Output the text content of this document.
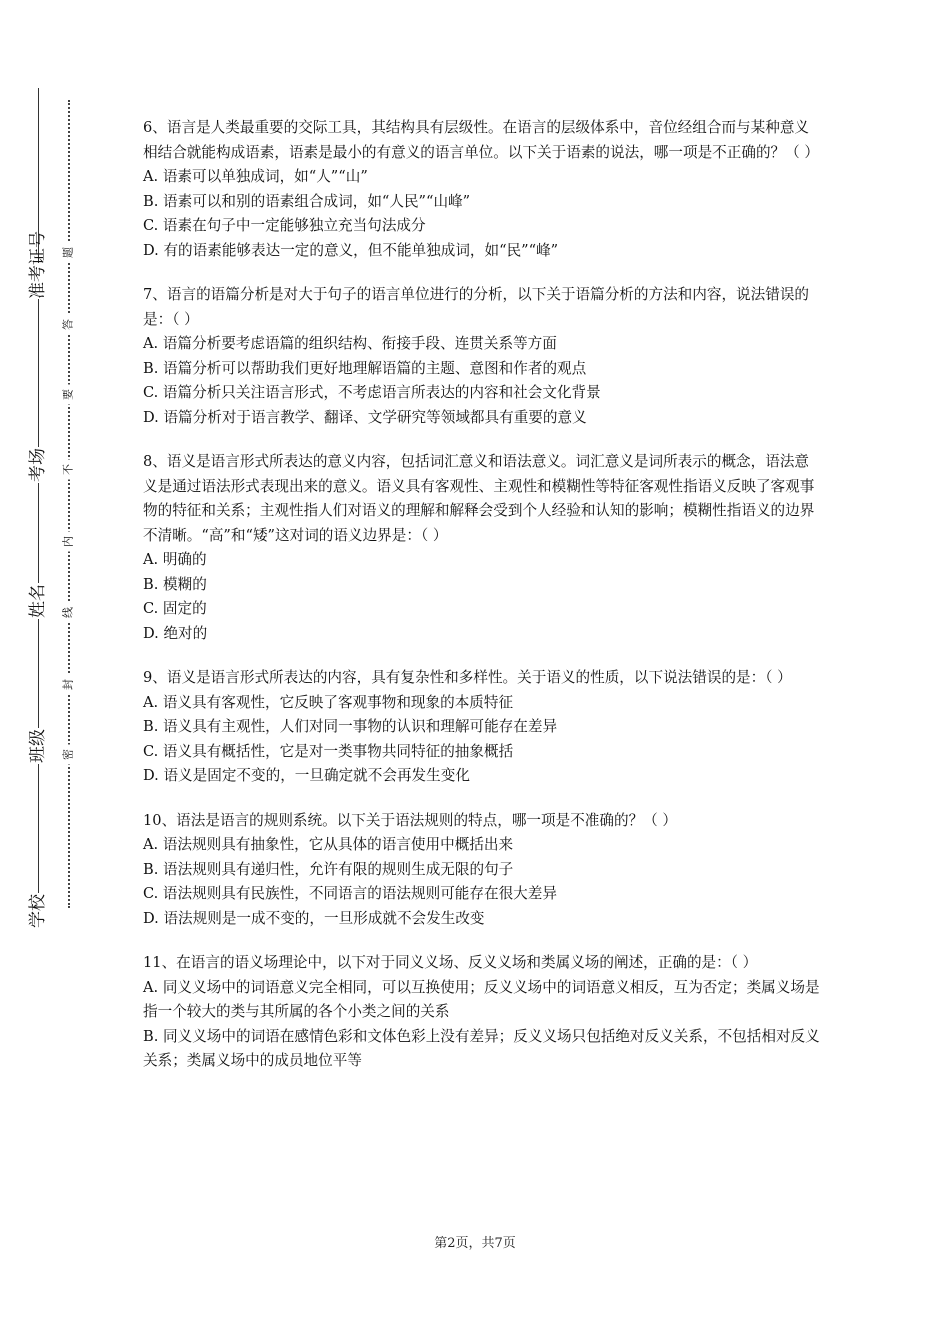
准考证号
考场
姓名
班级
学校
题
答
要
不
内
线
封
密

6、语言是人类最重要的交际工具，其结构具有层级性。在语言的层级体系中，音位经组合而与某种意义相结合就能构成语素，语素是最小的有意义的语言单位。以下关于语素的说法，哪一项是不正确的？（ ）

A. 语素可以单独成词，如“人”“山”

B. 语素可以和别的语素组合成词，如“人民”“山峰”

C. 语素在句子中一定能够独立充当句法成分

D. 有的语素能够表达一定的意义，但不能单独成词，如“民”“峰”

7、语言的语篇分析是对大于句子的语言单位进行的分析，以下关于语篇分析的方法和内容，说法错误的是：（ ）

A. 语篇分析要考虑语篇的组织结构、衔接手段、连贯关系等方面

B. 语篇分析可以帮助我们更好地理解语篇的主题、意图和作者的观点

C. 语篇分析只关注语言形式，不考虑语言所表达的内容和社会文化背景

D. 语篇分析对于语言教学、翻译、文学研究等领域都具有重要的意义

8、语义是语言形式所表达的意义内容，包括词汇意义和语法意义。词汇意义是词所表示的概念，语法意义是通过语法形式表现出来的意义。语义具有客观性、主观性和模糊性等特征客观性指语义反映了客观事物的特征和关系；主观性指人们对语义的理解和解释会受到个人经验和认知的影响；模糊性指语义的边界不清晰。“高”和“矮”这对词的语义边界是：（ ）

A. 明确的

B. 模糊的

C. 固定的

D. 绝对的

9、语义是语言形式所表达的内容，具有复杂性和多样性。关于语义的性质，以下说法错误的是：（ ）

A. 语义具有客观性，它反映了客观事物和现象的本质特征

B. 语义具有主观性，人们对同一事物的认识和理解可能存在差异

C. 语义具有概括性，它是对一类事物共同特征的抽象概括

D. 语义是固定不变的，一旦确定就不会再发生变化

10、语法是语言的规则系统。以下关于语法规则的特点，哪一项是不准确的？（ ）

A. 语法规则具有抽象性，它从具体的语言使用中概括出来

B. 语法规则具有递归性，允许有限的规则生成无限的句子

C. 语法规则具有民族性，不同语言的语法规则可能存在很大差异

D. 语法规则是一成不变的，一旦形成就不会发生改变

11、在语言的语义场理论中，以下对于同义义场、反义义场和类属义场的阐述，正确的是：（ ）

A. 同义义场中的词语意义完全相同，可以互换使用；反义义场中的词语意义相反，互为否定；类属义场是指一个较大的类与其所属的各个小类之间的关系

B. 同义义场中的词语在感情色彩和文体色彩上没有差异；反义义场只包括绝对反义关系，不包括相对反义关系；类属义场中的成员地位平等

第2页，共7页
